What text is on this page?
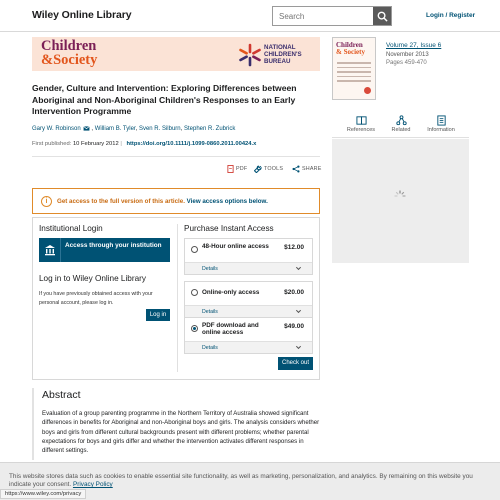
Wiley Online Library
Search	Login / Register
Children
&Society
NATIONAL
CHILDREN'S
BUREAU
Children
& Society
Volume 27, Issue 6
November 2013
Pages 459-470
References	Related	Information
Gender, Culture and Intervention: Exploring Differences between Aboriginal and Non-Aboriginal Children's Responses to an Early Intervention Programme
Gary W. Robinson , William B. Tyler, Sven R. Silburn, Stephen R. Zubrick
First published: 10 February 2012 | https://doi.org/10.1111/j.1099-0860.2011.00424.x
PDF	TOOLS	SHARE
i	Get access to the full version of this article. View access options below.
Institutional Login
Access through your institution
Log in to Wiley Online Library
If you have previously obtained access with your personal account, please log in.
Log in
Purchase Instant Access
48-Hour online access	$12.00
Details
Online-only access	$20.00
Details
PDF download and online access
$49.00
Details
Check out
Abstract
Evaluation of a group parenting programme in the Northern Territory of Australia showed significant differences in benefits for Aboriginal and non-Aboriginal boys and girls. The analysis considers whether boys and girls from different cultural backgrounds present with different problems; whether parental expectations for boys and girls differ and whether the intervention activates different responses in different settings.
This website stores data such as cookies to enable essential site functionality, as well as marketing, personalization, and analytics. By remaining on this website you indicate your consent. Privacy Policy
https://www.wiley.com/privacy
